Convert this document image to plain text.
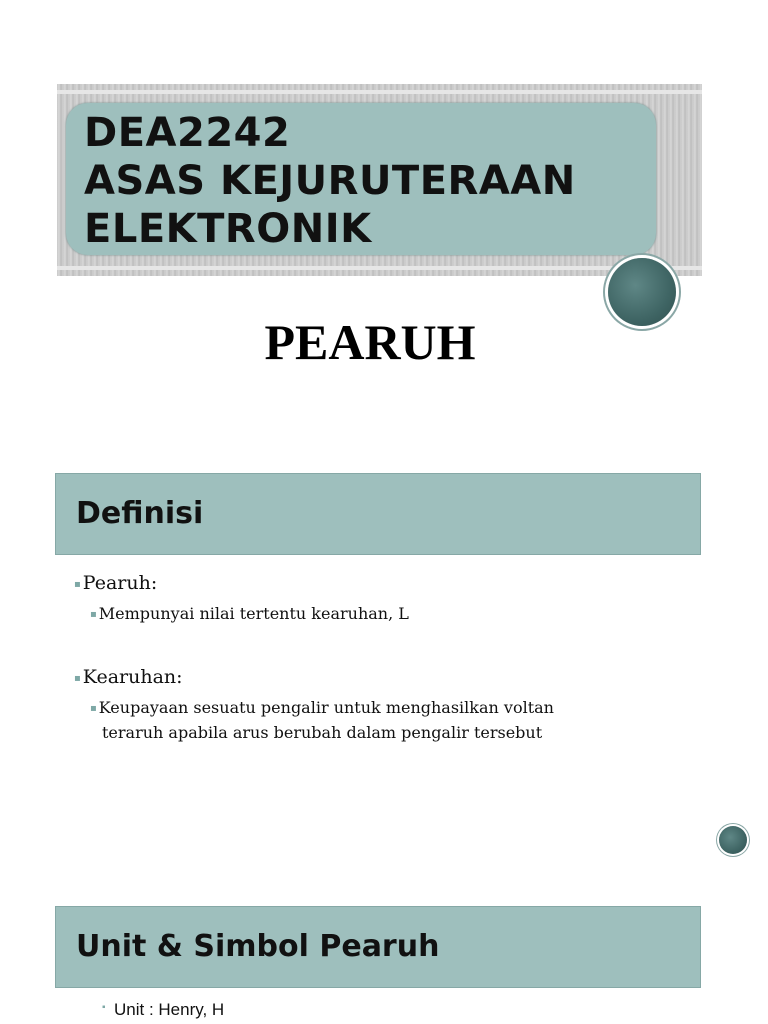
DEA2242
ASAS KEJURUTERAAN
ELEKTRONIK
PEARUH
Definisi
▪ Pearuh:
▪ Mempunyai nilai tertentu kearuhan, L
▪ Kearuhan:
▪ Keupayaan sesuatu pengalir untuk menghasilkan voltan
teraruh apabila arus berubah dalam pengalir tersebut
Unit & Simbol Pearuh
▪ Unit : Henry, H
